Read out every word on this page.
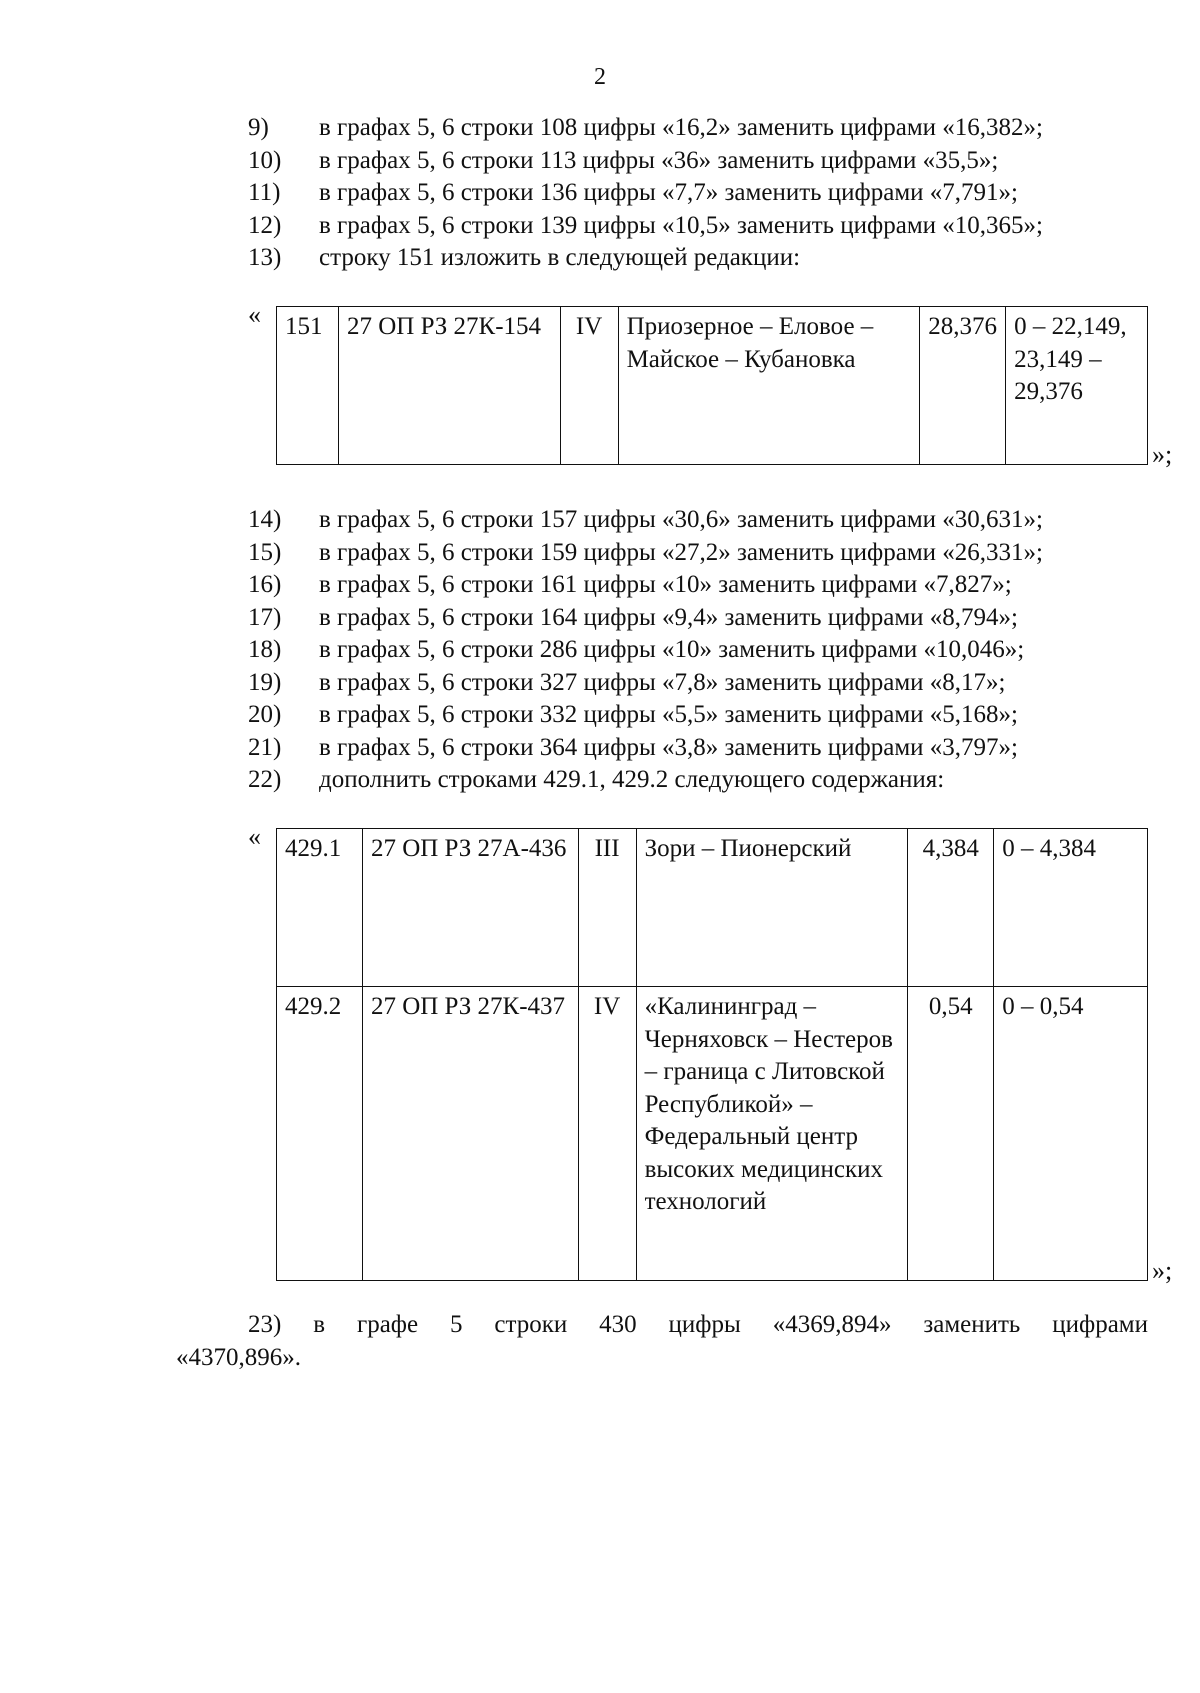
2
9)	в графах 5, 6 строки 108 цифры «16,2» заменить цифрами «16,382»;
10)	в графах 5, 6 строки 113 цифры «36» заменить цифрами «35,5»;
11)	в графах 5, 6 строки 136 цифры «7,7» заменить цифрами «7,791»;
12)	в графах 5, 6 строки 139 цифры «10,5» заменить цифрами «10,365»;
13)	строку 151 изложить в следующей редакции:
« 151	27 ОП РЗ 27К-154	IV	Приозерное – Еловое – Майское – Кубановка	28,376	0 – 22,149, 23,149 – 29,376
»;
14)	в графах 5, 6 строки 157 цифры «30,6» заменить цифрами «30,631»;
15)	в графах 5, 6 строки 159 цифры «27,2» заменить цифрами «26,331»;
16)	в графах 5, 6 строки 161 цифры «10» заменить цифрами «7,827»;
17)	в графах 5, 6 строки 164 цифры «9,4» заменить цифрами «8,794»;
18)	в графах 5, 6 строки 286 цифры «10» заменить цифрами «10,046»;
19)	в графах 5, 6 строки 327 цифры «7,8» заменить цифрами «8,17»;
20)	в графах 5, 6 строки 332 цифры «5,5» заменить цифрами «5,168»;
21)	в графах 5, 6 строки 364 цифры «3,8» заменить цифрами «3,797»;
22)	дополнить строками 429.1, 429.2 следующего содержания:
« 429.1	27 ОП РЗ 27А-436	III	Зори – Пионерский	4,384	0 – 4,384
429.2	27 ОП РЗ 27К-437	IV	«Калининград – Черняховск – Нестеров – граница с Литовской Республикой» – Федеральный центр высоких медицинских технологий	0,54	0 – 0,54
»;
23) в графе 5 строки 430 цифры «4369,894» заменить цифрами
«4370,896».
